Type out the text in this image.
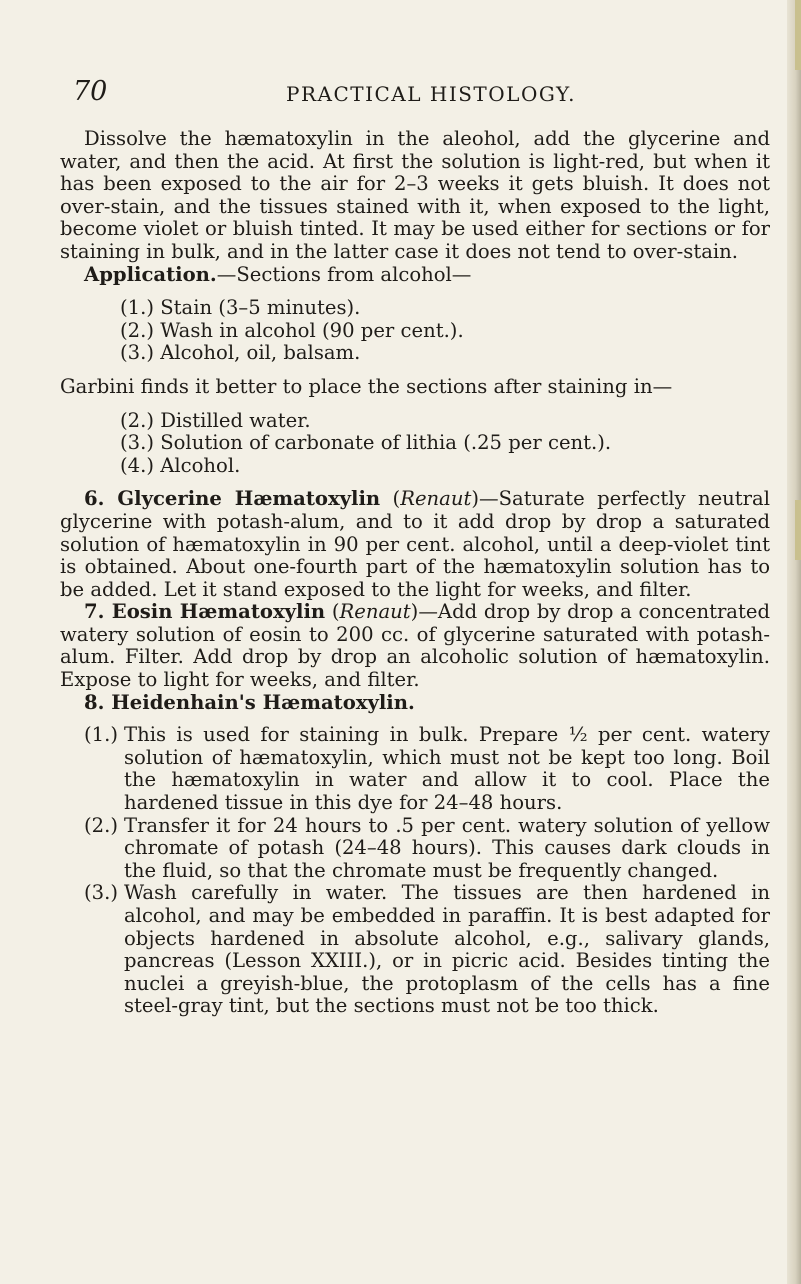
70	PRACTICAL HISTOLOGY.

Dissolve the hæmatoxylin in the aleohol, add the glycerine and water, and then the acid. At first the solution is light-red, but when it has been exposed to the air for 2–3 weeks it gets bluish. It does not over-stain, and the tissues stained with it, when exposed to the light, become violet or bluish tinted. It may be used either for sections or for staining in bulk, and in the latter case it does not tend to over-stain.

Application.—Sections from alcohol—

(1.) Stain (3–5 minutes).
(2.) Wash in alcohol (90 per cent.).
(3.) Alcohol, oil, balsam.

Garbini finds it better to place the sections after staining in—

(2.) Distilled water.
(3.) Solution of carbonate of lithia (.25 per cent.).
(4.) Alcohol.

6. Glycerine Hæmatoxylin (Renaut)—Saturate perfectly neutral glycerine with potash-alum, and to it add drop by drop a saturated solution of hæmatoxylin in 90 per cent. alcohol, until a deep-violet tint is obtained. About one-fourth part of the hæmatoxylin solution has to be added. Let it stand exposed to the light for weeks, and filter.

7. Eosin Hæmatoxylin (Renaut)—Add drop by drop a concentrated watery solution of eosin to 200 cc. of glycerine saturated with potash-alum. Filter. Add drop by drop an alcoholic solution of hæmatoxylin. Expose to light for weeks, and filter.

8. Heidenhain's Hæmatoxylin.

(1.) This is used for staining in bulk. Prepare ½ per cent. watery solution of hæmatoxylin, which must not be kept too long. Boil the hæmatoxylin in water and allow it to cool. Place the hardened tissue in this dye for 24–48 hours.
(2.) Transfer it for 24 hours to .5 per cent. watery solution of yellow chromate of potash (24–48 hours). This causes dark clouds in the fluid, so that the chromate must be frequently changed.
(3.) Wash carefully in water. The tissues are then hardened in alcohol, and may be embedded in paraffin. It is best adapted for objects hardened in absolute alcohol, e.g., salivary glands, pancreas (Lesson XXIII.), or in picric acid. Besides tinting the nuclei a greyish-blue, the protoplasm of the cells has a fine steel-gray tint, but the sections must not be too thick.
